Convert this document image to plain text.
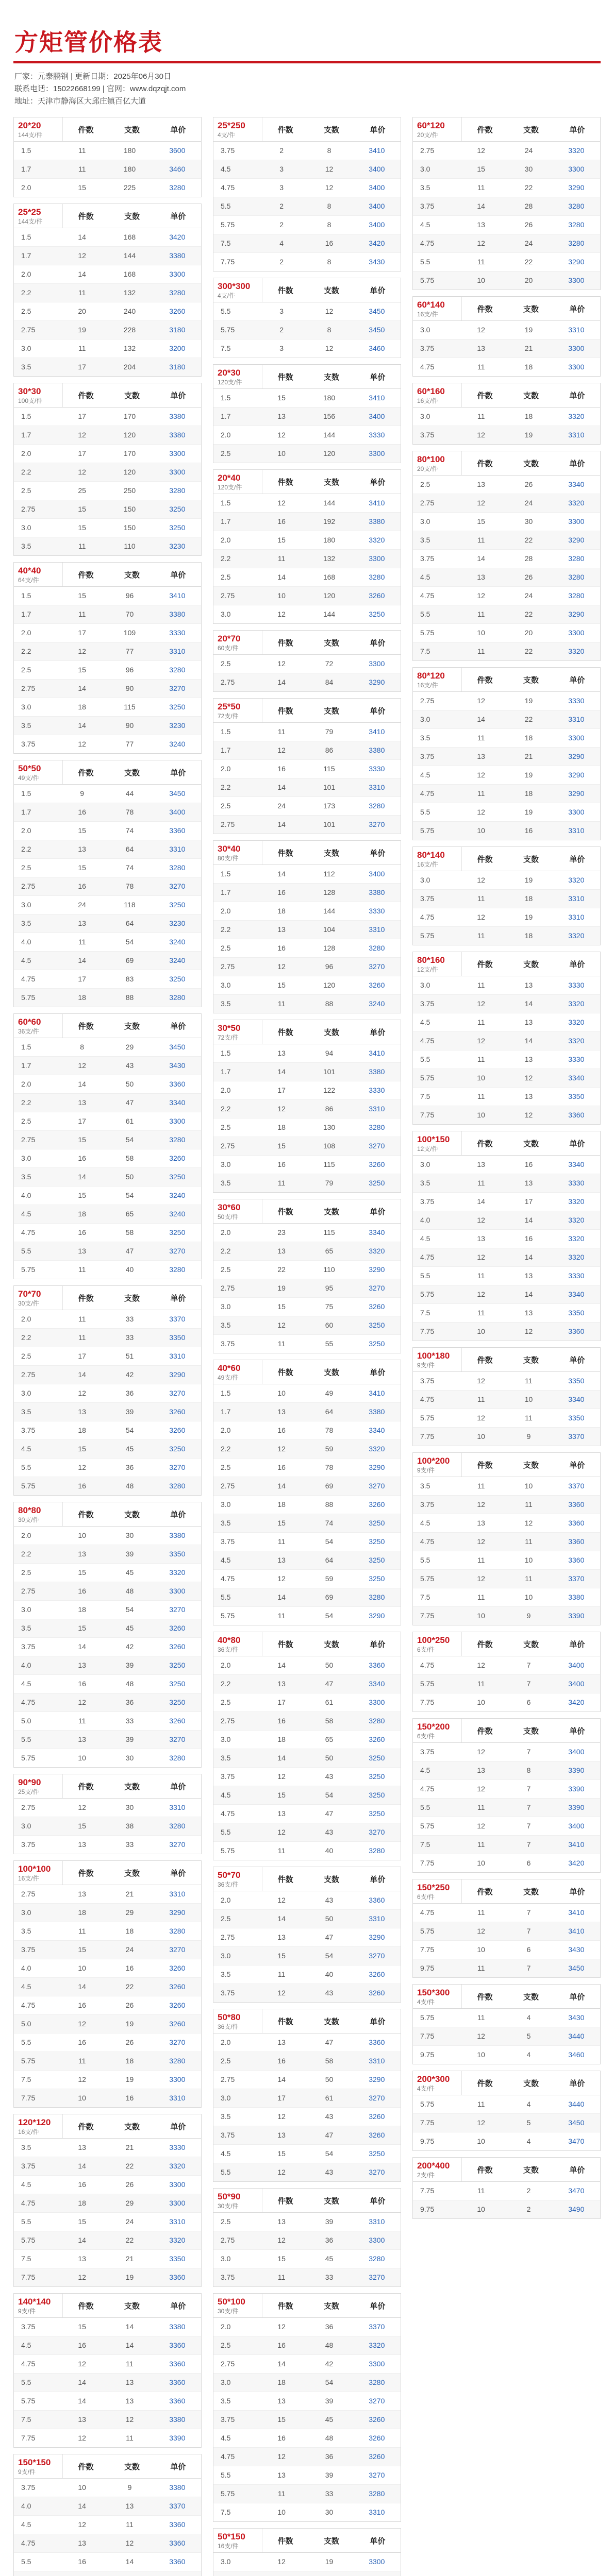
方矩管价格表
厂家：元泰鹏钢 | 更新日期：2025年06月30日
联系电话：15022668199 | 官网：www.dqzqjt.com
地址：天津市静海区大邱庄镇百亿大道
20*20
144支/件
件数	支数	单价
1.5	11	180	3600
1.7	11	180	3460
2.0	15	225	3280
25*25
144支/件
件数	支数	单价
1.5	14	168	3420
1.7	12	144	3380
2.0	14	168	3300
2.2	11	132	3280
2.5	20	240	3260
2.75	19	228	3180
3.0	11	132	3200
3.5	17	204	3180
30*30
100支/件
件数	支数	单价
1.5	17	170	3380
1.7	12	120	3380
2.0	17	170	3300
2.2	12	120	3300
2.5	25	250	3280
2.75	15	150	3250
3.0	15	150	3250
3.5	11	110	3230
40*40
64支/件
件数	支数	单价
1.5	15	96	3410
1.7	11	70	3380
2.0	17	109	3330
2.2	12	77	3310
2.5	15	96	3280
2.75	14	90	3270
3.0	18	115	3250
3.5	14	90	3230
3.75	12	77	3240
50*50
49支/件
件数	支数	单价
1.5	9	44	3450
1.7	16	78	3400
2.0	15	74	3360
2.2	13	64	3310
2.5	15	74	3280
2.75	16	78	3270
3.0	24	118	3250
3.5	13	64	3230
4.0	11	54	3240
4.5	14	69	3240
4.75	17	83	3250
5.75	18	88	3280
60*60
36支/件
件数	支数	单价
1.5	8	29	3450
1.7	12	43	3430
2.0	14	50	3360
2.2	13	47	3340
2.5	17	61	3300
2.75	15	54	3280
3.0	16	58	3260
3.5	14	50	3250
4.0	15	54	3240
4.5	18	65	3240
4.75	16	58	3250
5.5	13	47	3270
5.75	11	40	3280
70*70
30支/件
件数	支数	单价
2.0	11	33	3370
2.2	11	33	3350
2.5	17	51	3310
2.75	14	42	3290
3.0	12	36	3270
3.5	13	39	3260
3.75	18	54	3260
4.5	15	45	3250
5.5	12	36	3270
5.75	16	48	3280
80*80
30支/件
件数	支数	单价
2.0	10	30	3380
2.2	13	39	3350
2.5	15	45	3320
2.75	16	48	3300
3.0	18	54	3270
3.5	15	45	3260
3.75	14	42	3260
4.0	13	39	3250
4.5	16	48	3250
4.75	12	36	3250
5.0	11	33	3260
5.5	13	39	3270
5.75	10	30	3280
90*90
25支/件
件数	支数	单价
2.75	12	30	3310
3.0	15	38	3280
3.75	13	33	3270
100*100
16支/件
件数	支数	单价
2.75	13	21	3310
3.0	18	29	3290
3.5	11	18	3280
3.75	15	24	3270
4.0	10	16	3260
4.5	14	22	3260
4.75	16	26	3260
5.0	12	19	3260
5.5	16	26	3270
5.75	11	18	3280
7.5	12	19	3300
7.75	10	16	3310
120*120
16支/件
件数	支数	单价
3.5	13	21	3330
3.75	14	22	3320
4.5	16	26	3300
4.75	18	29	3300
5.5	15	24	3310
5.75	14	22	3320
7.5	13	21	3350
7.75	12	19	3360
140*140
9支/件
件数	支数	单价
3.75	15	14	3380
4.5	16	14	3360
4.75	12	11	3360
5.5	14	13	3360
5.75	14	13	3360
7.5	13	12	3380
7.75	12	11	3390
150*150
9支/件
件数	支数	单价
3.75	10	9	3380
4.0	14	13	3370
4.5	12	11	3360
4.75	13	12	3360
5.5	16	14	3360
25*250
4支/件
件数	支数	单价
3.75	2	8	3410
4.5	3	12	3400
4.75	3	12	3400
5.5	2	8	3400
5.75	2	8	3400
7.5	4	16	3420
7.75	2	8	3430
300*300
4支/件
件数	支数	单价
5.5	3	12	3450
5.75	2	8	3450
7.5	3	12	3460
20*30
120支/件
件数	支数	单价
1.5	15	180	3410
1.7	13	156	3400
2.0	12	144	3330
2.5	10	120	3300
20*40
120支/件
件数	支数	单价
1.5	12	144	3410
1.7	16	192	3380
2.0	15	180	3320
2.2	11	132	3300
2.5	14	168	3280
2.75	10	120	3260
3.0	12	144	3250
20*70
60支/件
件数	支数	单价
2.5	12	72	3300
2.75	14	84	3290
25*50
72支/件
件数	支数	单价
1.5	11	79	3410
1.7	12	86	3380
2.0	16	115	3330
2.2	14	101	3310
2.5	24	173	3280
2.75	14	101	3270
30*40
80支/件
件数	支数	单价
1.5	14	112	3400
1.7	16	128	3380
2.0	18	144	3330
2.2	13	104	3310
2.5	16	128	3280
2.75	12	96	3270
3.0	15	120	3260
3.5	11	88	3240
30*50
72支/件
件数	支数	单价
1.5	13	94	3410
1.7	14	101	3380
2.0	17	122	3330
2.2	12	86	3310
2.5	18	130	3280
2.75	15	108	3270
3.0	16	115	3260
3.5	11	79	3250
30*60
50支/件
件数	支数	单价
2.0	23	115	3340
2.2	13	65	3320
2.5	22	110	3290
2.75	19	95	3270
3.0	15	75	3260
3.5	12	60	3250
3.75	11	55	3250
40*60
49支/件
件数	支数	单价
1.5	10	49	3410
1.7	13	64	3380
2.0	16	78	3340
2.2	12	59	3320
2.5	16	78	3290
2.75	14	69	3270
3.0	18	88	3260
3.5	15	74	3250
3.75	11	54	3250
4.5	13	64	3250
4.75	12	59	3250
5.5	14	69	3280
5.75	11	54	3290
40*80
36支/件
件数	支数	单价
2.0	14	50	3360
2.2	13	47	3340
2.5	17	61	3300
2.75	16	58	3280
3.0	18	65	3260
3.5	14	50	3250
3.75	12	43	3250
4.5	15	54	3250
4.75	13	47	3250
5.5	12	43	3270
5.75	11	40	3280
50*70
36支/件
件数	支数	单价
2.0	12	43	3360
2.5	14	50	3310
2.75	13	47	3290
3.0	15	54	3270
3.5	11	40	3260
3.75	12	43	3260
50*80
36支/件
件数	支数	单价
2.0	13	47	3360
2.5	16	58	3310
2.75	14	50	3290
3.0	17	61	3270
3.5	12	43	3260
3.75	13	47	3260
4.5	15	54	3250
5.5	12	43	3270
50*90
30支/件
件数	支数	单价
2.5	13	39	3310
2.75	12	36	3300
3.0	15	45	3280
3.75	11	33	3270
50*100
30支/件
件数	支数	单价
2.0	12	36	3370
2.5	16	48	3320
2.75	14	42	3300
3.0	18	54	3280
3.5	13	39	3270
3.75	15	45	3260
4.5	16	48	3260
4.75	12	36	3260
5.5	13	39	3270
5.75	11	33	3280
7.5	10	30	3310
50*150
16支/件
件数	支数	单价
3.0	12	19	3300
60*120
20支/件
件数	支数	单价
2.75	12	24	3320
3.0	15	30	3300
3.5	11	22	3290
3.75	14	28	3280
4.5	13	26	3280
4.75	12	24	3280
5.5	11	22	3290
5.75	10	20	3300
60*140
16支/件
件数	支数	单价
3.0	12	19	3310
3.75	13	21	3300
4.75	11	18	3300
60*160
16支/件
件数	支数	单价
3.0	11	18	3320
3.75	12	19	3310
80*100
20支/件
件数	支数	单价
2.5	13	26	3340
2.75	12	24	3320
3.0	15	30	3300
3.5	11	22	3290
3.75	14	28	3280
4.5	13	26	3280
4.75	12	24	3280
5.5	11	22	3290
5.75	10	20	3300
7.5	11	22	3320
80*120
16支/件
件数	支数	单价
2.75	12	19	3330
3.0	14	22	3310
3.5	11	18	3300
3.75	13	21	3290
4.5	12	19	3290
4.75	11	18	3290
5.5	12	19	3300
5.75	10	16	3310
80*140
16支/件
件数	支数	单价
3.0	12	19	3320
3.75	11	18	3310
4.75	12	19	3310
5.75	11	18	3320
80*160
12支/件
件数	支数	单价
3.0	11	13	3330
3.75	12	14	3320
4.5	11	13	3320
4.75	12	14	3320
5.5	11	13	3330
5.75	10	12	3340
7.5	11	13	3350
7.75	10	12	3360
100*150
12支/件
件数	支数	单价
3.0	13	16	3340
3.5	11	13	3330
3.75	14	17	3320
4.0	12	14	3320
4.5	13	16	3320
4.75	12	14	3320
5.5	11	13	3330
5.75	12	14	3340
7.5	11	13	3350
7.75	10	12	3360
100*180
9支/件
件数	支数	单价
3.75	12	11	3350
4.75	11	10	3340
5.75	12	11	3350
7.75	10	9	3370
100*200
9支/件
件数	支数	单价
3.5	11	10	3370
3.75	12	11	3360
4.5	13	12	3360
4.75	12	11	3360
5.5	11	10	3360
5.75	12	11	3370
7.5	11	10	3380
7.75	10	9	3390
100*250
6支/件
件数	支数	单价
4.75	12	7	3400
5.75	11	7	3400
7.75	10	6	3420
150*200
6支/件
件数	支数	单价
3.75	12	7	3400
4.5	13	8	3390
4.75	12	7	3390
5.5	11	7	3390
5.75	12	7	3400
7.5	11	7	3410
7.75	10	6	3420
150*250
6支/件
件数	支数	单价
4.75	11	7	3410
5.75	12	7	3410
7.75	10	6	3430
9.75	11	7	3450
150*300
4支/件
件数	支数	单价
5.75	11	4	3430
7.75	12	5	3440
9.75	10	4	3460
200*300
4支/件
件数	支数	单价
5.75	11	4	3440
7.75	12	5	3450
9.75	10	4	3470
200*400
2支/件
件数	支数	单价
7.75	11	2	3470
9.75	10	2	3490
